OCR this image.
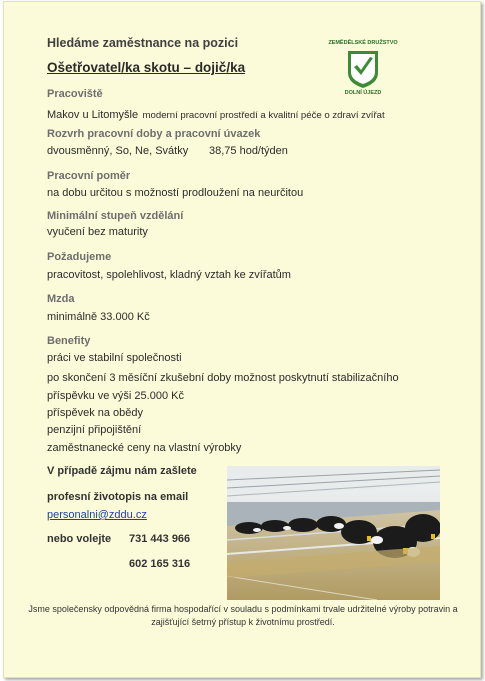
Hledáme zaměstnance na pozici
Ošetřovatel/ka skotu – dojič/ka
ZEMĚDĚLSKÉ DRUŽSTVO
DOLNÍ ÚJEZD
Pracoviště
Makov u Litomyšle moderní pracovní prostředí a kvalitní péče o zdraví zvířat
Rozvrh pracovní doby a pracovní úvazek
dvousměnný, So, Ne, Svátky 38,75 hod/týden
Pracovní poměr
na dobu určitou s možností prodloužení na neurčitou
Minimální stupeň vzdělání
vyučení bez maturity
Požadujeme
pracovitost, spolehlivost, kladný vztah ke zvířatům
Mzda
minimálně 33.000 Kč
Benefity
práci ve stabilní společnosti
po skončení 3 měsíční zkušební doby možnost poskytnutí stabilizačního
příspěvku ve výši 25.000 Kč
příspěvek na obědy
penzijní připojištění
zaměstnanecké ceny na vlastní výrobky
V případě zájmu nám zašlete
profesní životopis na email
personalni@zddu.cz
nebo volejte 731 443 966
602 165 316
Jsme společensky odpovědná firma hospodařící v souladu s podmínkami trvale udržitelné výroby potravin a zajišťující šetrný přístup k životnímu prostředí.
